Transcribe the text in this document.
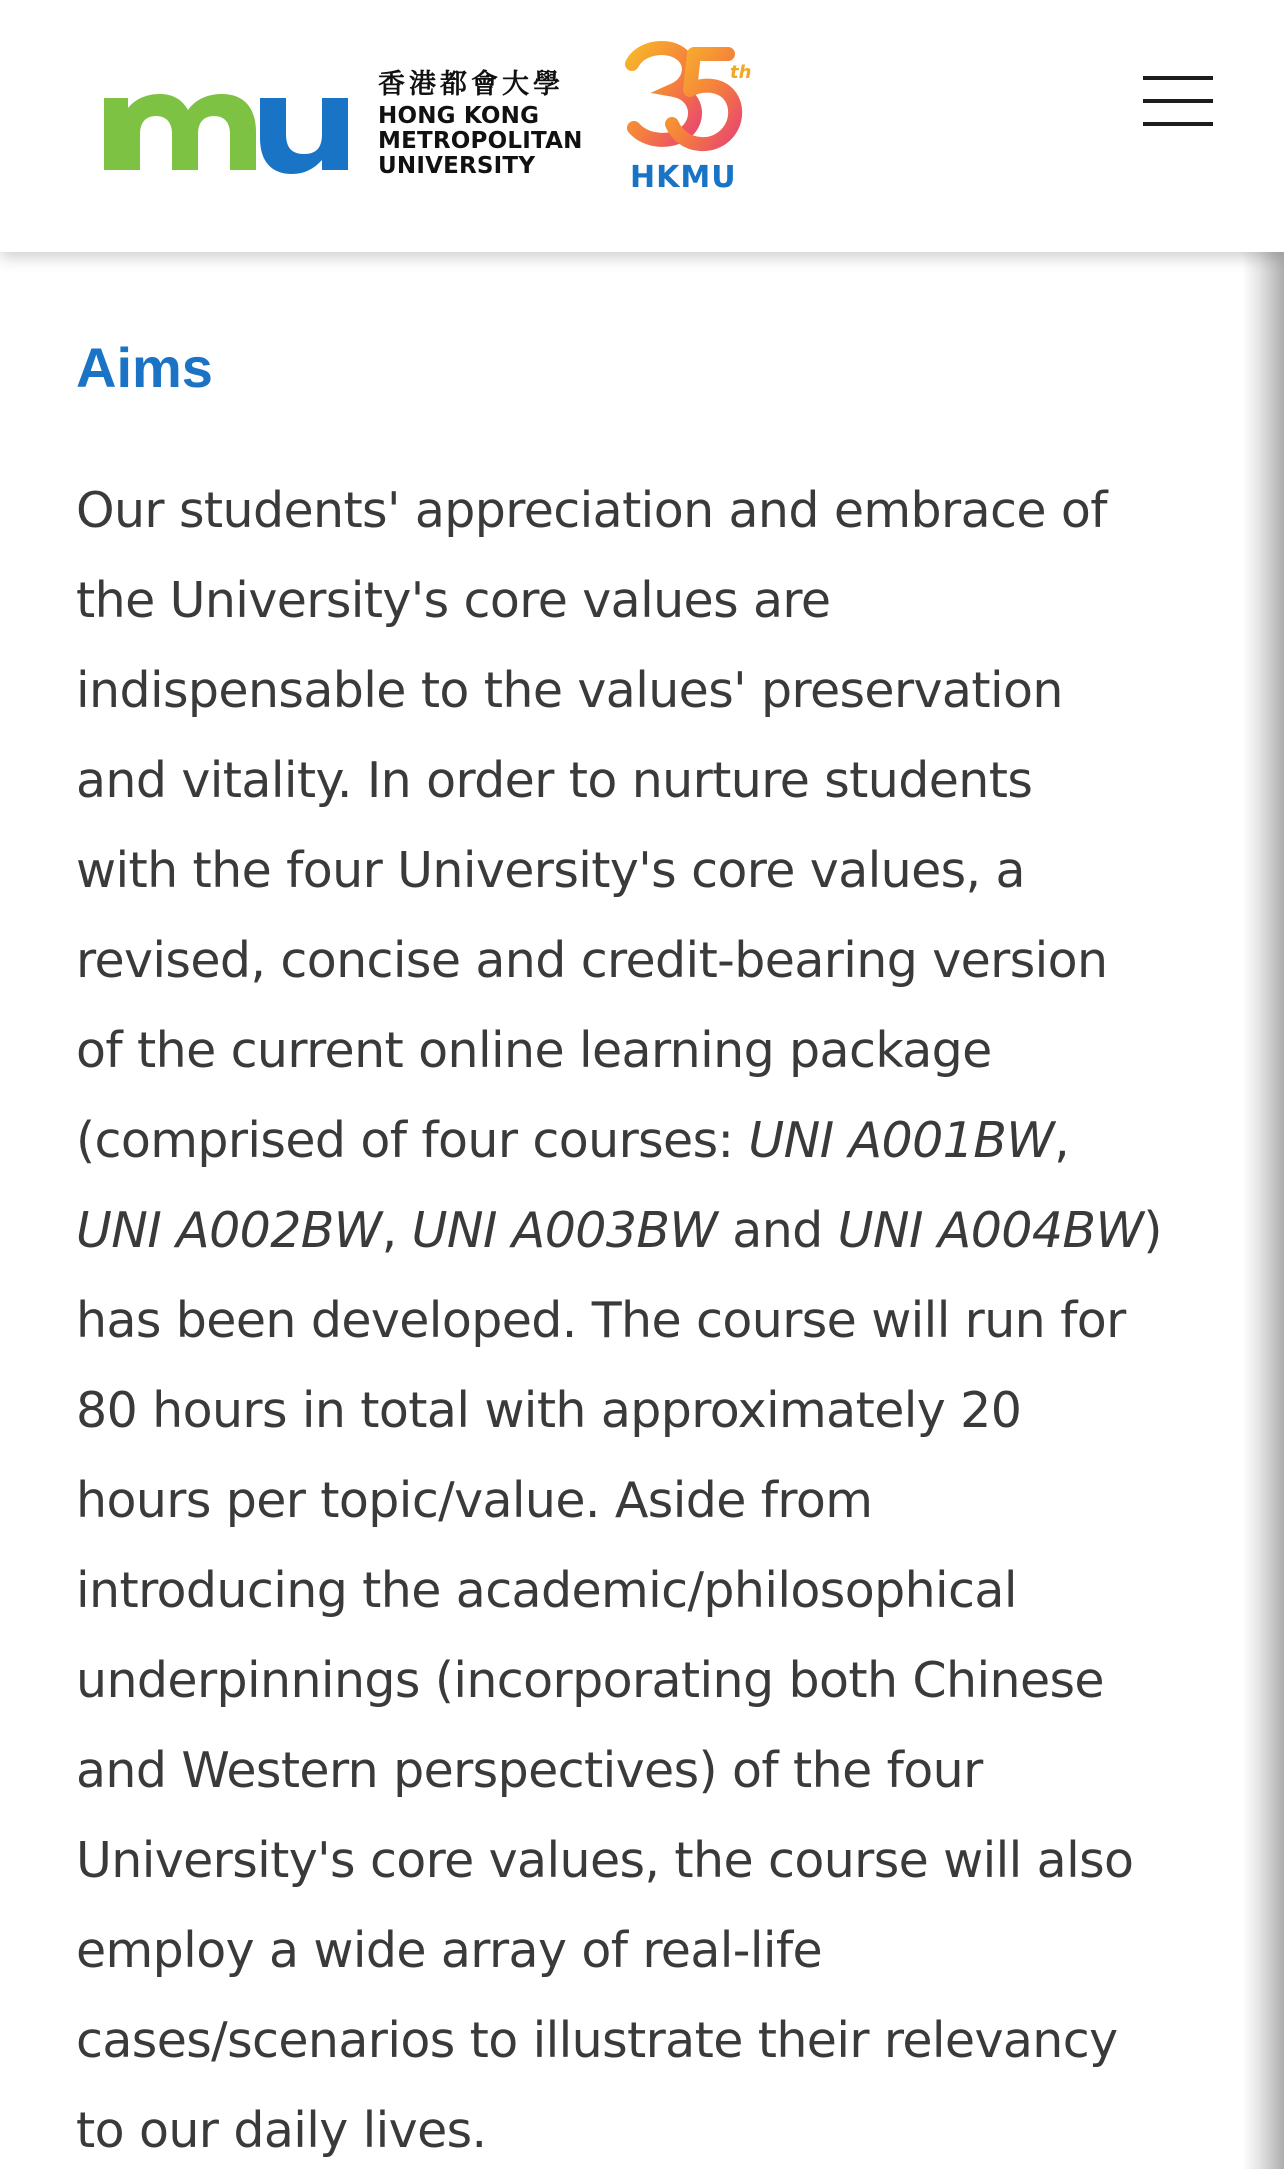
香港都會大學
HONG KONG
METROPOLITAN
UNIVERSITY
th
HKMU
Aims

Our students' appreciation and embrace of
the University's core values are
indispensable to the values' preservation
and vitality. In order to nurture students
with the four University's core values, a
revised, concise and credit-bearing version
of the current online learning package
(comprised of four courses: UNI A001BW,
UNI A002BW, UNI A003BW and UNI A004BW)
has been developed. The course will run for
80 hours in total with approximately 20
hours per topic/value. Aside from
introducing the academic/philosophical
underpinnings (incorporating both Chinese
and Western perspectives) of the four
University's core values, the course will also
employ a wide array of real-life
cases/scenarios to illustrate their relevancy
to our daily lives.
